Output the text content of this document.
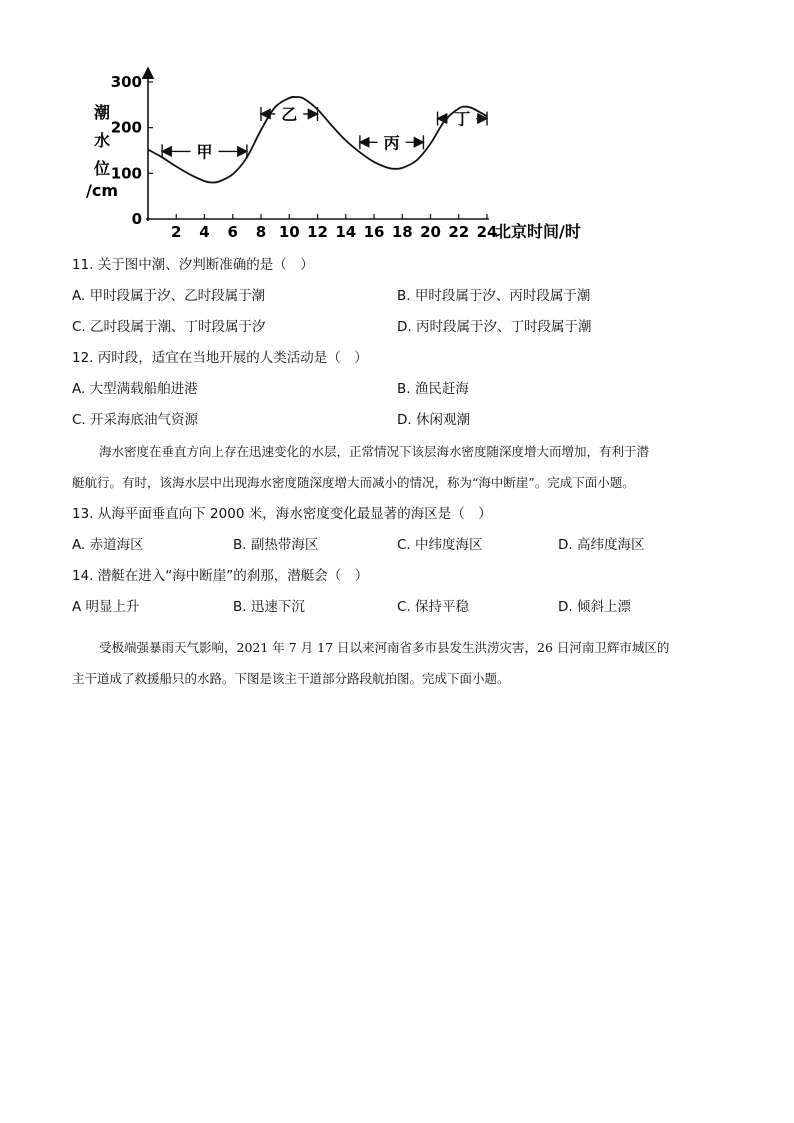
0
100
200
300
2 4 6 8 10 12 14 16 18 20 22 24
北京时间/时
潮
水
位
/cm
甲
乙
丙
丁
11. 关于图中潮、汐判断准确的是（　）
A. 甲时段属于汐、乙时段属于潮	B. 甲时段属于汐、丙时段属于潮
C. 乙时段属于潮、丁时段属于汐	D. 丙时段属于汐、丁时段属于潮
12. 丙时段，适宜在当地开展的人类活动是（　）
A. 大型满载船舶进港	B. 渔民赶海
C. 开采海底油气资源	D. 休闲观潮
海水密度在垂直方向上存在迅速变化的水层，正常情况下该层海水密度随深度增大而增加，有利于潜
艇航行。有时，该海水层中出现海水密度随深度增大而减小的情况，称为“海中断崖”。完成下面小题。
13. 从海平面垂直向下 2000 米，海水密度变化最显著的海区是（　）
A. 赤道海区	B. 副热带海区	C. 中纬度海区	D. 高纬度海区
14. 潜艇在进入“海中断崖”的刹那，潜艇会（　）
A 明显上升	B. 迅速下沉	C. 保持平稳	D. 倾斜上漂
受极端强暴雨天气影响，2021 年 7 月 17 日以来河南省多市县发生洪涝灾害，26 日河南卫辉市城区的
主干道成了救援船只的水路。下图是该主干道部分路段航拍图。完成下面小题。
